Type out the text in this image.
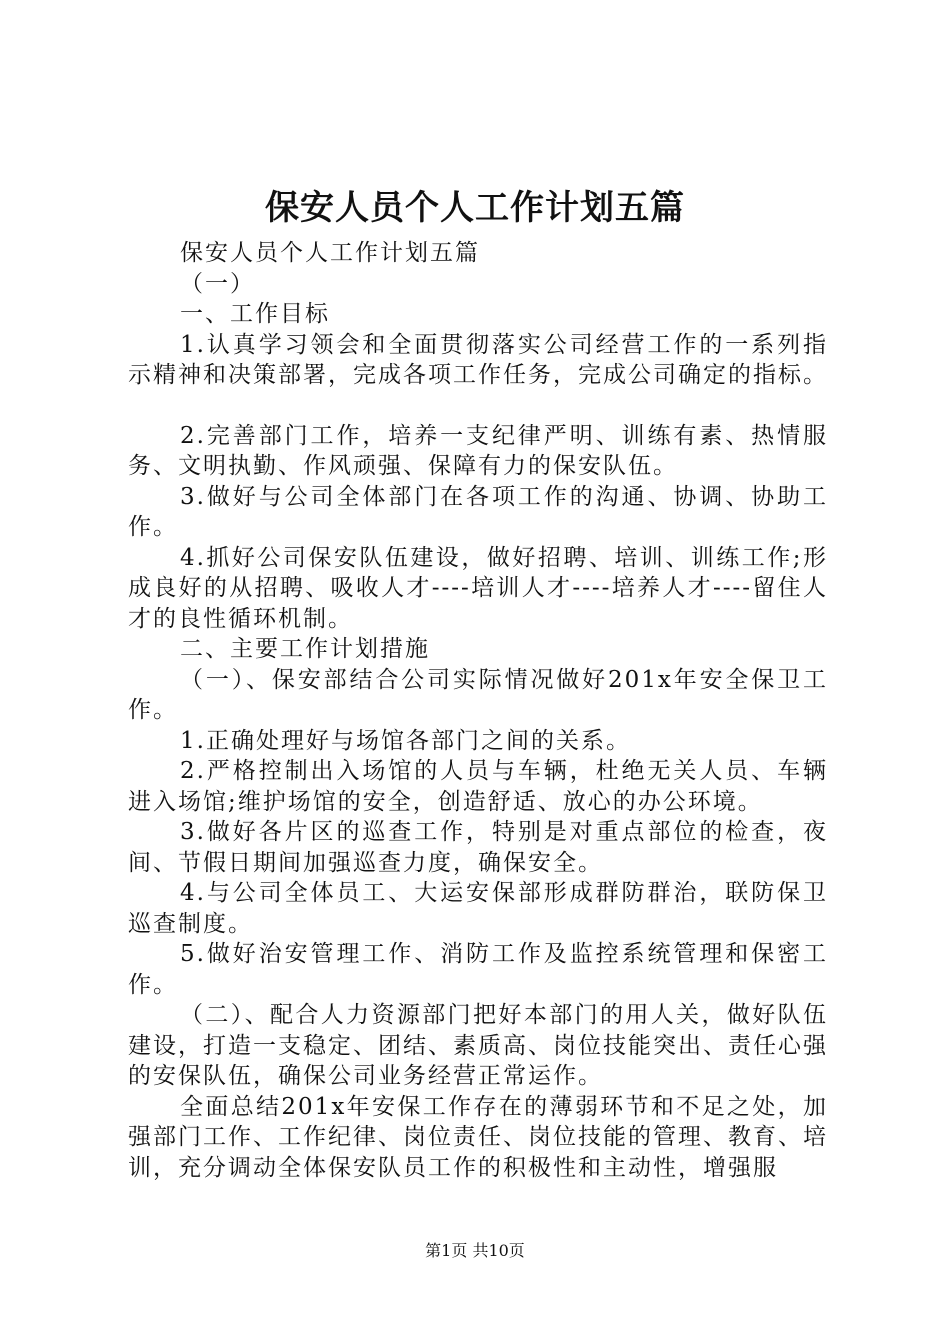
保安人员个人工作计划五篇

保安人员个人工作计划五篇

（一）

一、工作目标

1.认真学习领会和全面贯彻落实公司经营工作的一系列指示精神和决策部署，完成各项工作任务，完成公司确定的指标。

2.完善部门工作，培养一支纪律严明、训练有素、热情服务、文明执勤、作风顽强、保障有力的保安队伍。

3.做好与公司全体部门在各项工作的沟通、协调、协助工作。

4.抓好公司保安队伍建设，做好招聘、培训、训练工作;形成良好的从招聘、吸收人才----培训人才----培养人才----留住人才的良性循环机制。

二、主要工作计划措施

（一）、保安部结合公司实际情况做好201x年安全保卫工作。

1.正确处理好与场馆各部门之间的关系。

2.严格控制出入场馆的人员与车辆，杜绝无关人员、车辆进入场馆;维护场馆的安全，创造舒适、放心的办公环境。

3.做好各片区的巡查工作，特别是对重点部位的检查，夜间、节假日期间加强巡查力度，确保安全。

4.与公司全体员工、大运安保部形成群防群治，联防保卫巡查制度。

5.做好治安管理工作、消防工作及监控系统管理和保密工作。

（二）、配合人力资源部门把好本部门的用人关，做好队伍建设，打造一支稳定、团结、素质高、岗位技能突出、责任心强的安保队伍，确保公司业务经营正常运作。

全面总结201x年安保工作存在的薄弱环节和不足之处，加强部门工作、工作纪律、岗位责任、岗位技能的管理、教育、培训，充分调动全体保安队员工作的积极性和主动性，增强服

第1页 共10页
